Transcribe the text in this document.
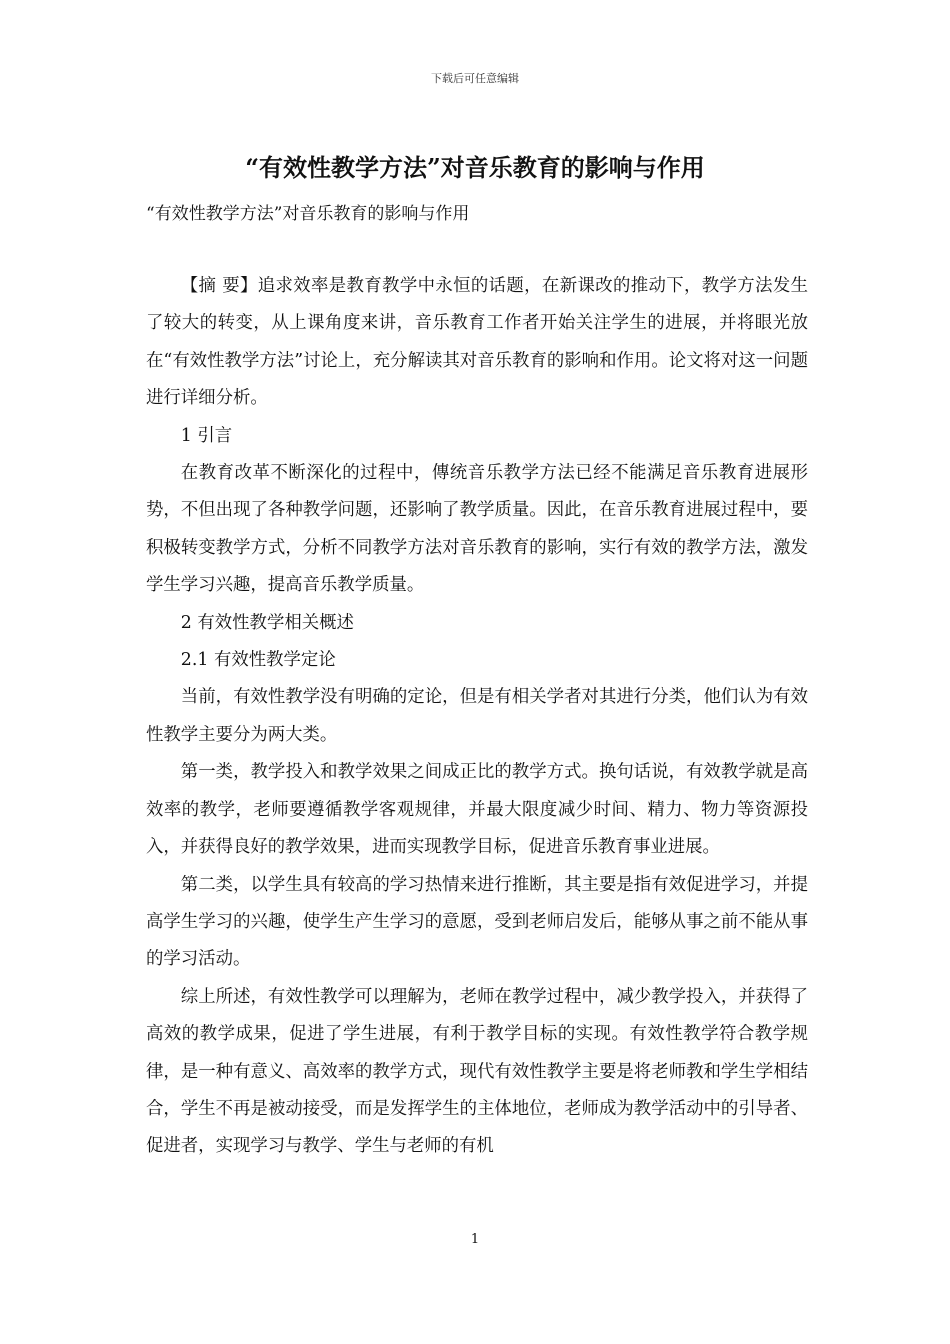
下载后可任意编辑
“有效性教学方法”对音乐教育的影响与作用
“有效性教学方法”对音乐教育的影响与作用

【摘 要】追求效率是教育教学中永恒的话题，在新课改的推动下，教学方法发生了较大的转变，从上课角度来讲，音乐教育工作者开始关注学生的进展，并将眼光放在“有效性教学方法”讨论上，充分解读其对音乐教育的影响和作用。论文将对这一问题进行详细分析。

1 引言

在教育改革不断深化的过程中，傳统音乐教学方法已经不能满足音乐教育进展形势，不但出现了各种教学问题，还影响了教学质量。因此，在音乐教育进展过程中，要积极转变教学方式，分析不同教学方法对音乐教育的影响，实行有效的教学方法，激发学生学习兴趣，提高音乐教学质量。

2 有效性教学相关概述

2.1 有效性教学定论

当前，有效性教学没有明确的定论，但是有相关学者对其进行分类，他们认为有效性教学主要分为两大类。

第一类，教学投入和教学效果之间成正比的教学方式。换句话说，有效教学就是高效率的教学，老师要遵循教学客观规律，并最大限度减少时间、精力、物力等资源投入，并获得良好的教学效果，进而实现教学目标，促进音乐教育事业进展。

第二类，以学生具有较高的学习热情来进行推断，其主要是指有效促进学习，并提高学生学习的兴趣，使学生产生学习的意愿，受到老师启发后，能够从事之前不能从事的学习活动。

综上所述，有效性教学可以理解为，老师在教学过程中，减少教学投入，并获得了高效的教学成果，促进了学生进展，有利于教学目标的实现。有效性教学符合教学规律，是一种有意义、高效率的教学方式，现代有效性教学主要是将老师教和学生学相结合，学生不再是被动接受，而是发挥学生的主体地位，老师成为教学活动中的引导者、促进者，实现学习与教学、学生与老师的有机

1
